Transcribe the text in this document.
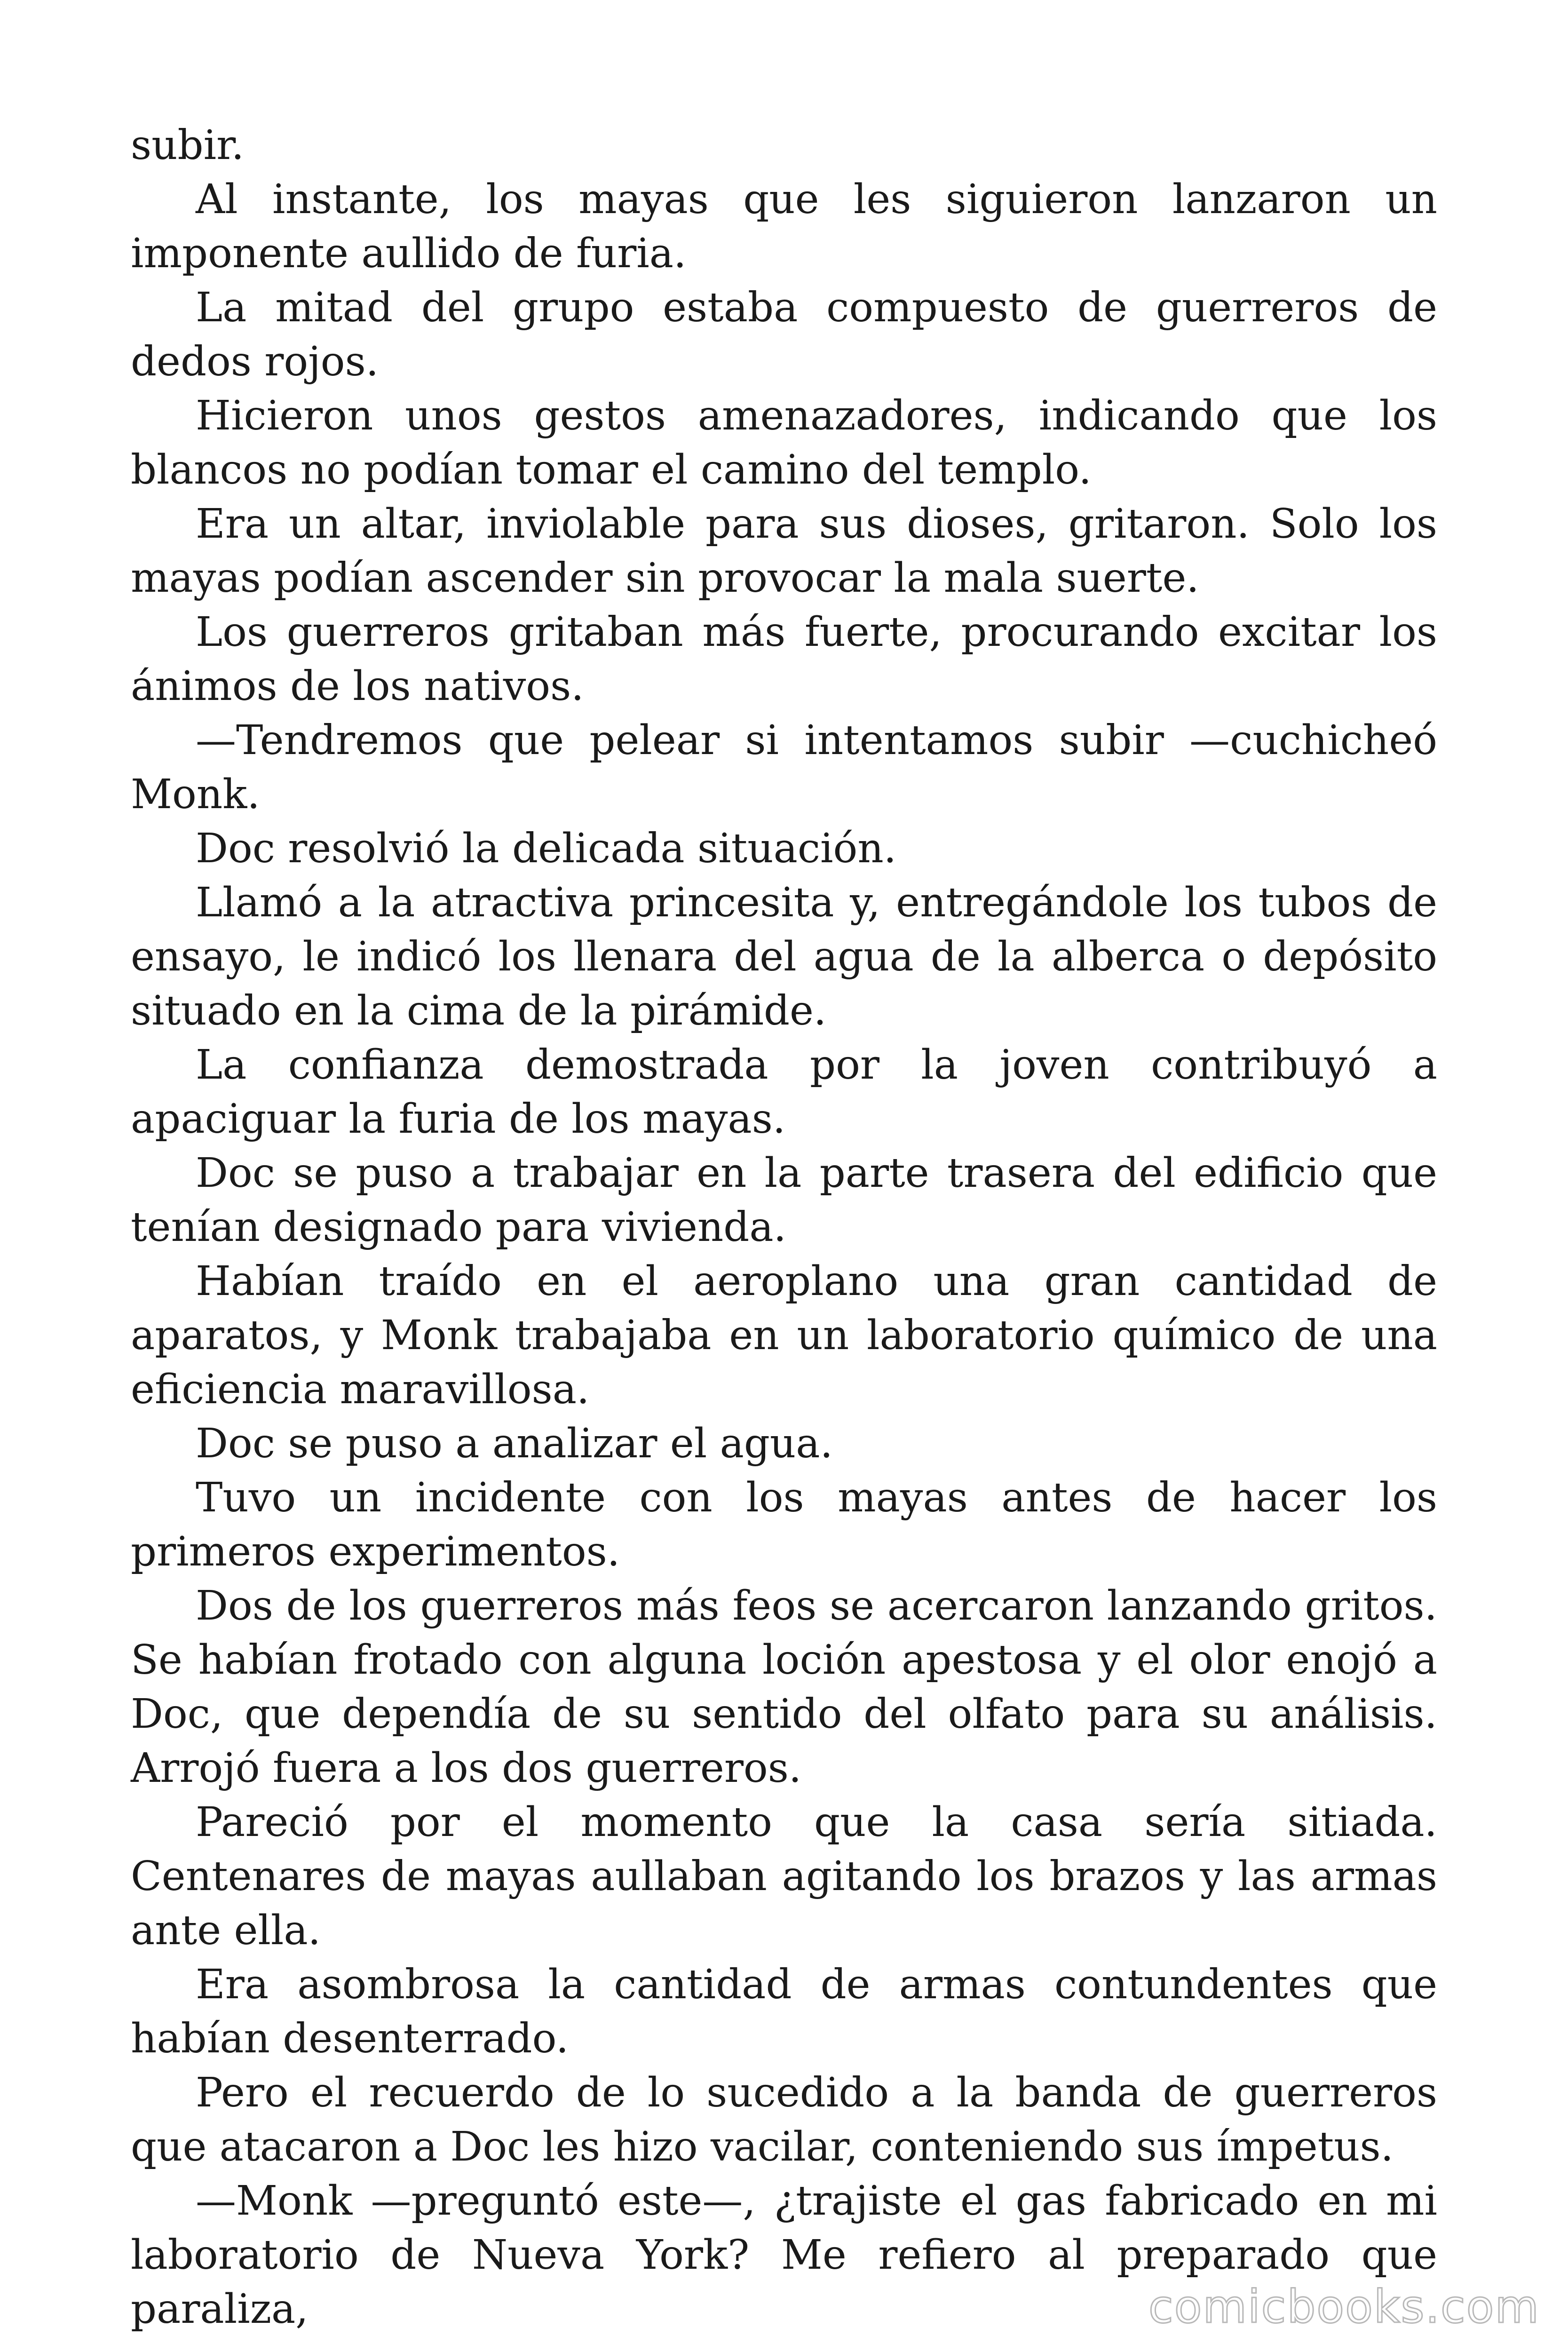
subir.

Al instante, los mayas que les siguieron lanzaron un imponente aullido de furia.

La mitad del grupo estaba compuesto de guerreros de dedos rojos.

Hicieron unos gestos amenazadores, indicando que los blancos no podían tomar el camino del templo.

Era un altar, inviolable para sus dioses, gritaron. Solo los mayas podían ascender sin provocar la mala suerte.

Los guerreros gritaban más fuerte, procurando excitar los ánimos de los nativos.

—Tendremos que pelear si intentamos subir —cuchicheó Monk.

Doc resolvió la delicada situación.

Llamó a la atractiva princesita y, entregándole los tubos de ensayo, le indicó los llenara del agua de la alberca o depósito situado en la cima de la pirámide.

La confianza demostrada por la joven contribuyó a apaciguar la furia de los mayas.

Doc se puso a trabajar en la parte trasera del edificio que tenían designado para vivienda.

Habían traído en el aeroplano una gran cantidad de aparatos, y Monk trabajaba en un laboratorio químico de una eficiencia maravillosa.

Doc se puso a analizar el agua.

Tuvo un incidente con los mayas antes de hacer los primeros experimentos.

Dos de los guerreros más feos se acercaron lanzando gritos. Se habían frotado con alguna loción apestosa y el olor enojó a Doc, que dependía de su sentido del olfato para su análisis. Arrojó fuera a los dos guerreros.

Pareció por el momento que la casa sería sitiada. Centenares de mayas aullaban agitando los brazos y las armas ante ella.

Era asombrosa la cantidad de armas contundentes que habían desenterrado.

Pero el recuerdo de lo sucedido a la banda de guerreros que atacaron a Doc les hizo vacilar, conteniendo sus ímpetus.

—Monk —preguntó este—, ¿trajiste el gas fabricado en mi laboratorio de Nueva York? Me refiero al preparado que paraliza,	comicbooks.com
